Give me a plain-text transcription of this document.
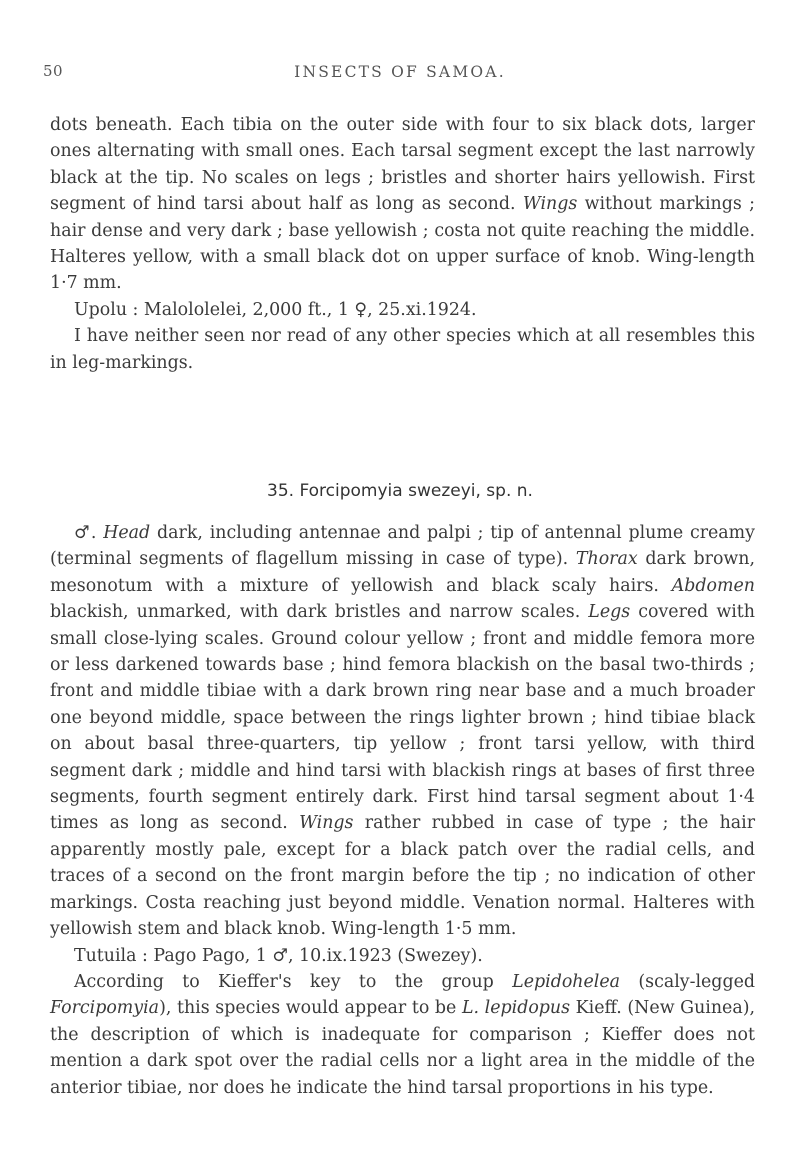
50	INSECTS OF SAMOA.

dots beneath. Each tibia on the outer side with four to six black dots, larger ones alternating with small ones. Each tarsal segment except the last narrowly black at the tip. No scales on legs ; bristles and shorter hairs yellowish. First segment of hind tarsi about half as long as second. Wings without markings ; hair dense and very dark ; base yellowish ; costa not quite reaching the middle. Halteres yellow, with a small black dot on upper surface of knob. Wing-length 1·7 mm.

Upolu : Malololelei, 2,000 ft., 1 ♀, 25.xi.1924.

I have neither seen nor read of any other species which at all resembles this in leg-markings.

35. Forcipomyia swezeyi, sp. n.

♂. Head dark, including antennae and palpi ; tip of antennal plume creamy (terminal segments of flagellum missing in case of type). Thorax dark brown, mesonotum with a mixture of yellowish and black scaly hairs. Abdomen blackish, unmarked, with dark bristles and narrow scales. Legs covered with small close-lying scales. Ground colour yellow ; front and middle femora more or less darkened towards base ; hind femora blackish on the basal two-thirds ; front and middle tibiae with a dark brown ring near base and a much broader one beyond middle, space between the rings lighter brown ; hind tibiae black on about basal three-quarters, tip yellow ; front tarsi yellow, with third segment dark ; middle and hind tarsi with blackish rings at bases of first three segments, fourth segment entirely dark. First hind tarsal segment about 1·4 times as long as second. Wings rather rubbed in case of type ; the hair apparently mostly pale, except for a black patch over the radial cells, and traces of a second on the front margin before the tip ; no indication of other markings. Costa reaching just beyond middle. Venation normal. Halteres with yellowish stem and black knob. Wing-length 1·5 mm.

Tutuila : Pago Pago, 1 ♂, 10.ix.1923 (Swezey).

According to Kieffer's key to the group Lepidohelea (scaly-legged Forcipomyia), this species would appear to be L. lepidopus Kieff. (New Guinea), the description of which is inadequate for comparison ; Kieffer does not mention a dark spot over the radial cells nor a light area in the middle of the anterior tibiae, nor does he indicate the hind tarsal proportions in his type.
